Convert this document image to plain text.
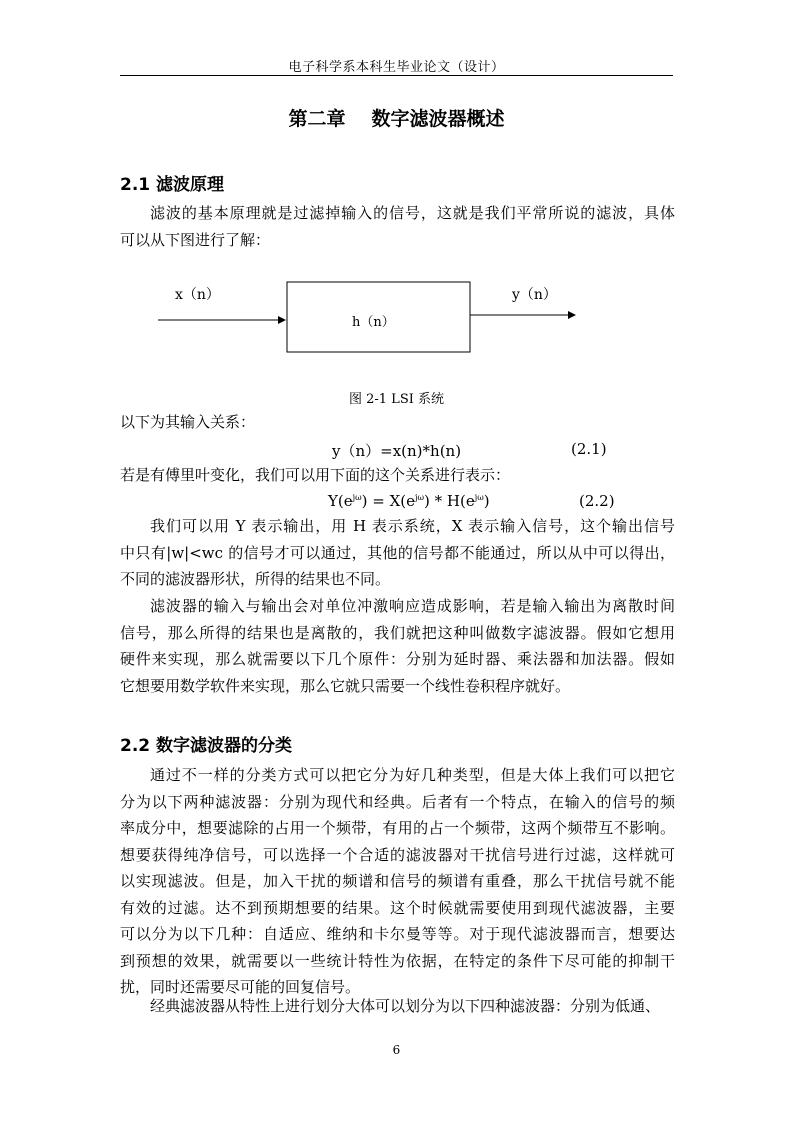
电子科学系本科生毕业论文（设计）
第二章 数字滤波器概述
2.1 滤波原理
滤波的基本原理就是过滤掉输入的信号，这就是我们平常所说的滤波，具体
可以从下图进行了解：
x（n）
h（n）
y（n）
图 2-1 LSI 系统
以下为其输入关系：
y（n）=x(n)*h(n)	(2.1)
若是有傅里叶变化，我们可以用下面的这个关系进行表示：
$Y(e^{j\omega}) = X(e^{j\omega}) * H(e^{j\omega})$	(2.2)
我们可以用 Y 表示输出，用 H 表示系统，X 表示输入信号，这个输出信号
中只有|w|<wc 的信号才可以通过，其他的信号都不能通过，所以从中可以得出，
不同的滤波器形状，所得的结果也不同。
滤波器的输入与输出会对单位冲激响应造成影响，若是输入输出为离散时间
信号，那么所得的结果也是离散的，我们就把这种叫做数字滤波器。假如它想用
硬件来实现，那么就需要以下几个原件：分别为延时器、乘法器和加法器。假如
它想要用数学软件来实现，那么它就只需要一个线性卷积程序就好。
2.2 数字滤波器的分类
通过不一样的分类方式可以把它分为好几种类型，但是大体上我们可以把它
分为以下两种滤波器：分别为现代和经典。后者有一个特点，在输入的信号的频
率成分中，想要滤除的占用一个频带，有用的占一个频带，这两个频带互不影响。
想要获得纯净信号，可以选择一个合适的滤波器对干扰信号进行过滤，这样就可
以实现滤波。但是，加入干扰的频谱和信号的频谱有重叠，那么干扰信号就不能
有效的过滤。达不到预期想要的结果。这个时候就需要使用到现代滤波器，主要
可以分为以下几种：自适应、维纳和卡尔曼等等。对于现代滤波器而言，想要达
到预想的效果，就需要以一些统计特性为依据，在特定的条件下尽可能的抑制干
扰，同时还需要尽可能的回复信号。
经典滤波器从特性上进行划分大体可以划分为以下四种滤波器：分别为低通、
6
